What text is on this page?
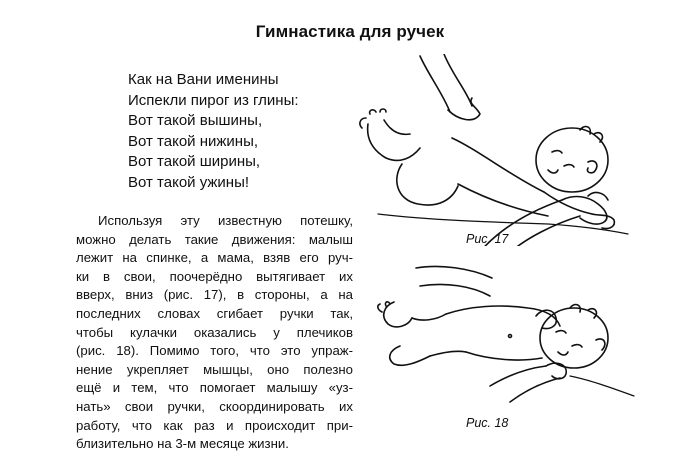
Гимнастика для ручек
Как на Вани именины
Испекли пирог из глины:
Вот такой вышины,
Вот такой нижины,
Вот такой ширины,
Вот такой ужины!
Используя эту известную потешку,
можно делать такие движения: малыш
лежит на спинке, а мама, взяв его руч-
ки в свои, поочерёдно вытягивает их
вверх, вниз (рис. 17), в стороны, а на
последних словах сгибает ручки так,
чтобы кулачки оказались у плечиков
(рис. 18). Помимо того, что это упраж-
нение укрепляет мышцы, оно полезно
ещё и тем, что помогает малышу «уз-
нать» свои ручки, скоординировать их
работу, что как раз и происходит при-
близительно на 3-м месяце жизни.
Рис. 17
Рис. 18
